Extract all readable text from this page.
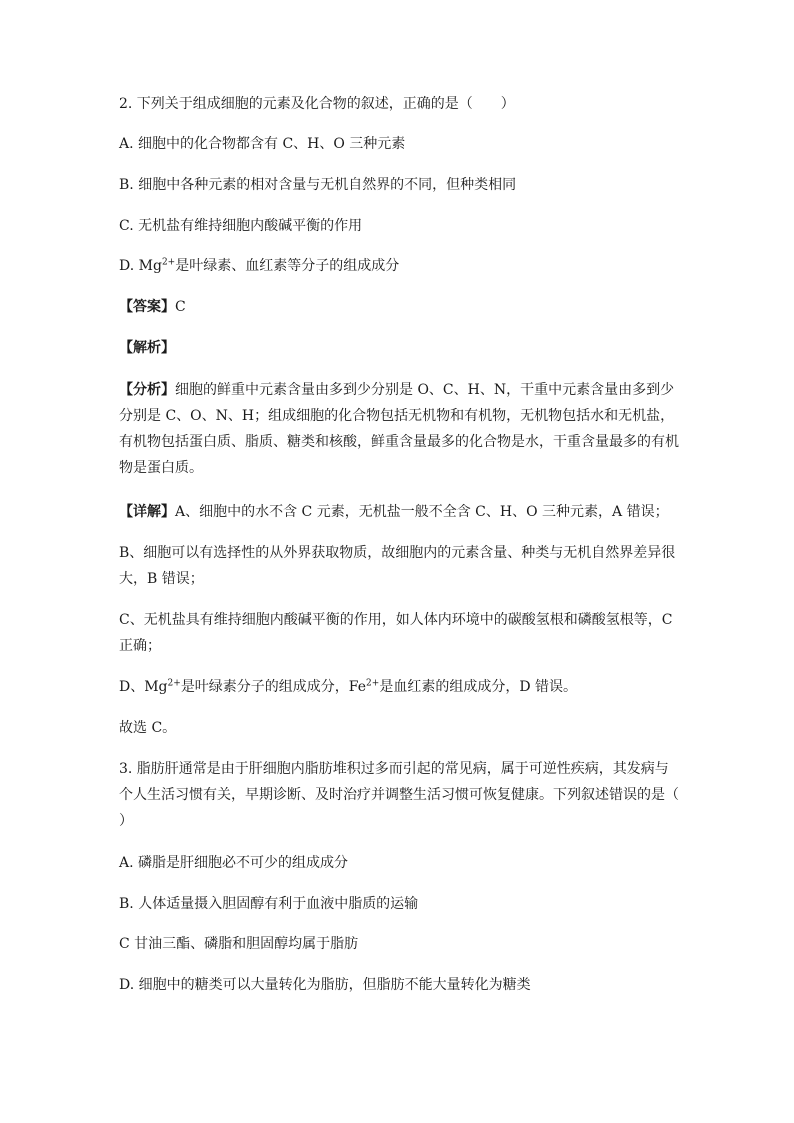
2. 下列关于组成细胞的元素及化合物的叙述，正确的是（　　）

A. 细胞中的化合物都含有 C、H、O 三种元素

B. 细胞中各种元素的相对含量与无机自然界的不同，但种类相同

C. 无机盐有维持细胞内酸碱平衡的作用

D. $Mg^{2+}$是叶绿素、血红素等分子的组成成分

【答案】C

【解析】

【分析】细胞的鲜重中元素含量由多到少分别是 O、C、H、N，干重中元素含量由多到少分别是 C、O、N、H；组成细胞的化合物包括无机物和有机物，无机物包括水和无机盐，有机物包括蛋白质、脂质、糖类和核酸，鲜重含量最多的化合物是水，干重含量最多的有机物是蛋白质。

【详解】A、细胞中的水不含 C 元素，无机盐一般不全含 C、H、O 三种元素，A 错误；

B、细胞可以有选择性的从外界获取物质，故细胞内的元素含量、种类与无机自然界差异很大，B 错误；

C、无机盐具有维持细胞内酸碱平衡的作用，如人体内环境中的碳酸氢根和磷酸氢根等，C 正确；

D、$Mg^{2+}$是叶绿素分子的组成成分，$Fe^{2+}$是血红素的组成成分，D 错误。

故选 C。

3. 脂肪肝通常是由于肝细胞内脂肪堆积过多而引起的常见病，属于可逆性疾病，其发病与个人生活习惯有关，早期诊断、及时治疗并调整生活习惯可恢复健康。下列叙述错误的是（　　）

A. 磷脂是肝细胞必不可少的组成成分

B. 人体适量摄入胆固醇有利于血液中脂质的运输

C 甘油三酯、磷脂和胆固醇均属于脂肪

D. 细胞中的糖类可以大量转化为脂肪，但脂肪不能大量转化为糖类
